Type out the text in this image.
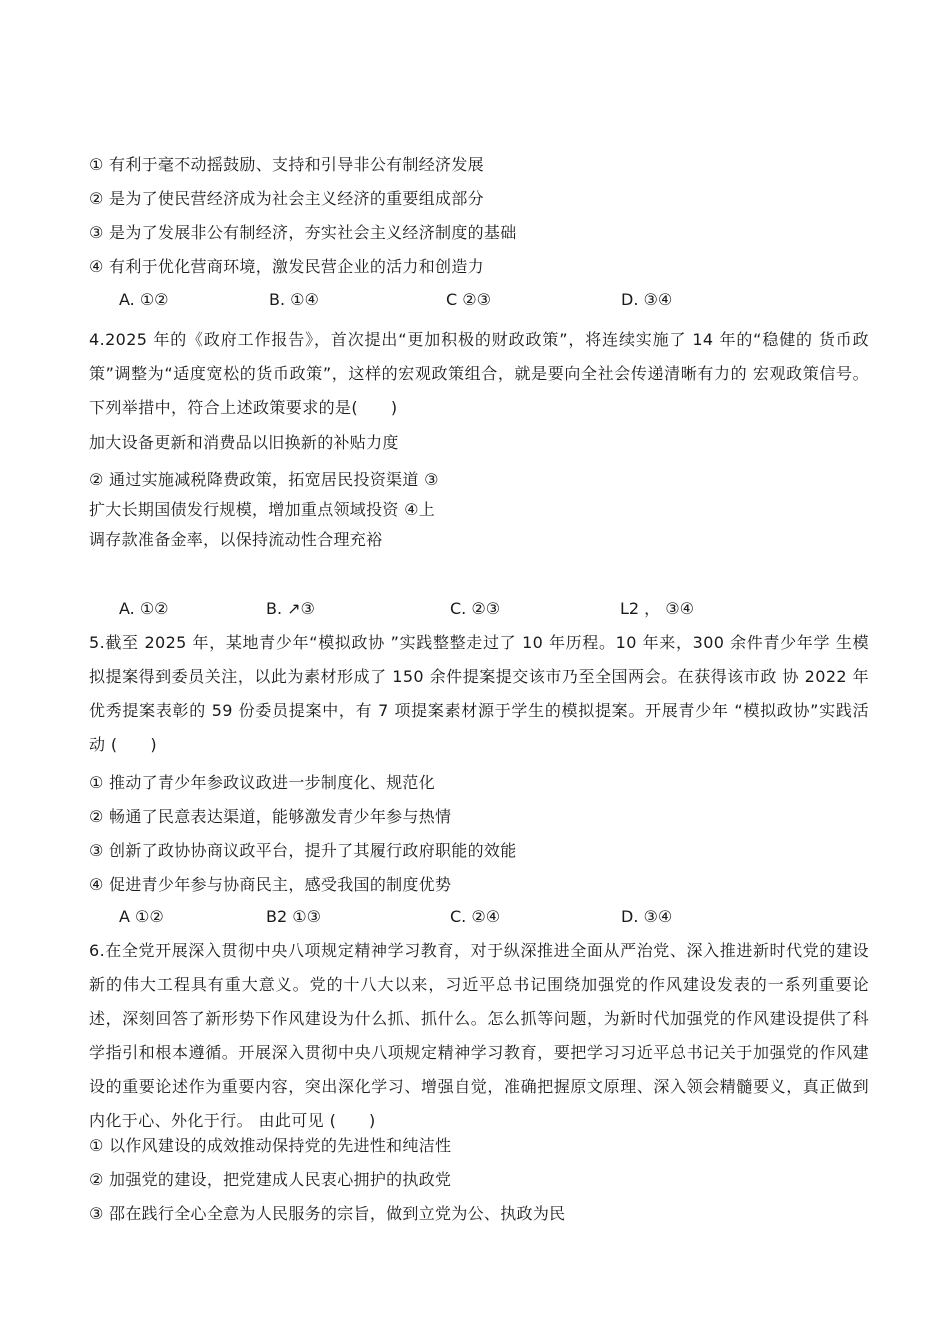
① 有利于毫不动摇鼓励、支持和引导非公有制经济发展
② 是为了使民营经济成为社会主义经济的重要组成部分
③ 是为了发展非公有制经济，夯实社会主义经济制度的基础
④ 有利于优化营商环境，激发民营企业的活力和创造力
A. ①②	B. ①④	C ②③	D. ③④
4.2025 年的《政府工作报告》，首次提出“更加积极的财政政策”，将连续实施了 14 年的“稳健的 货币政策”调整为“适度宽松的货币政策”，这样的宏观政策组合，就是要向全社会传递清晰有力的 宏观政策信号。下列举措中，符合上述政策要求的是(　　)
加大设备更新和消费品以旧换新的补贴力度
② 通过实施减税降费政策，拓宽居民投资渠道 ③扩大长期国债发行规模，增加重点领域投资 ④上调存款准备金率，以保持流动性合理充裕
A. ①②	B. ↗③	C. ②③	L2 ， ③④
5.截至 2025 年，某地青少年“模拟政协 ”实践整整走过了 10 年历程。10 年来，300 余件青少年学 生模拟提案得到委员关注，以此为素材形成了 150 余件提案提交该市乃至全国两会。在获得该市政 协 2022 年优秀提案表彰的 59 份委员提案中，有 7 项提案素材源于学生的模拟提案。开展青少年 “模拟政协”实践活动 (　　)
① 推动了青少年参政议政进一步制度化、规范化
② 畅通了民意表达渠道，能够激发青少年参与热情
③ 创新了政协协商议政平台，提升了其履行政府职能的效能
④ 促进青少年参与协商民主，感受我国的制度优势
A ①②	B2 ①③	C. ②④	D. ③④
6.在全党开展深入贯彻中央八项规定精神学习教育，对于纵深推进全面从严治党、深入推进新时代党的建设新的伟大工程具有重大意义。党的十八大以来，习近平总书记围绕加强党的作风建设发表的一系列重要论述，深刻回答了新形势下作风建设为什么抓、抓什么。怎么抓等问题，为新时代加强党的作风建设提供了科学指引和根本遵循。开展深入贯彻中央八项规定精神学习教育，要把学习习近平总书记关于加强党的作风建设的重要论述作为重要内容，突出深化学习、增强自觉，准确把握原文原理、深入领会精髓要义，真正做到内化于心、外化于行。 由此可见 (　　)
① 以作风建设的成效推动保持党的先进性和纯洁性
② 加强党的建设，把党建成人民衷心拥护的执政党
③ 邵在践行全心全意为人民服务的宗旨，做到立党为公、执政为民
